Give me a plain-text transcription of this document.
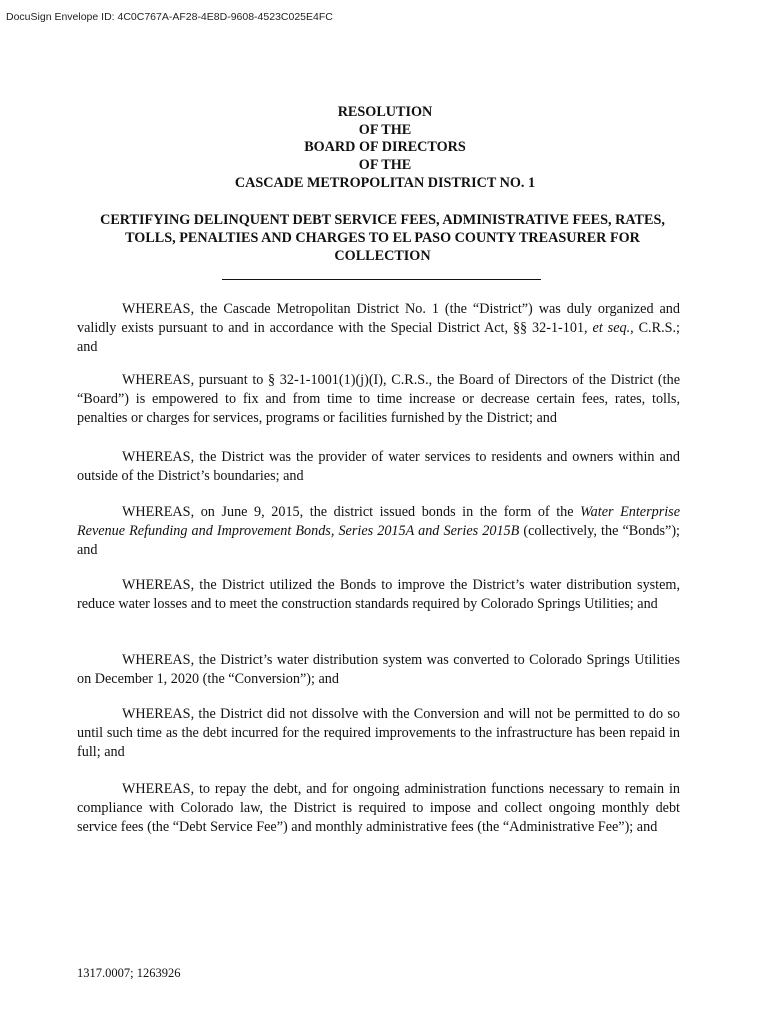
DocuSign Envelope ID: 4C0C767A-AF28-4E8D-9608-4523C025E4FC
RESOLUTION
OF THE
BOARD OF DIRECTORS
OF THE
CASCADE METROPOLITAN DISTRICT NO. 1
CERTIFYING DELINQUENT DEBT SERVICE FEES, ADMINISTRATIVE FEES, RATES,
TOLLS, PENALTIES AND CHARGES TO EL PASO COUNTY TREASURER FOR
COLLECTION

WHEREAS, the Cascade Metropolitan District No. 1 (the “District”) was duly organized and validly exists pursuant to and in accordance with the Special District Act, §§ 32-1-101, et seq., C.R.S.; and

WHEREAS, pursuant to § 32-1-1001(1)(j)(I), C.R.S., the Board of Directors of the District (the “Board”) is empowered to fix and from time to time increase or decrease certain fees, rates, tolls, penalties or charges for services, programs or facilities furnished by the District; and

WHEREAS, the District was the provider of water services to residents and owners within and outside of the District’s boundaries; and

WHEREAS, on June 9, 2015, the district issued bonds in the form of the Water Enterprise Revenue Refunding and Improvement Bonds, Series 2015A and Series 2015B (collectively, the “Bonds”); and

WHEREAS, the District utilized the Bonds to improve the District’s water distribution system, reduce water losses and to meet the construction standards required by Colorado Springs Utilities; and

WHEREAS, the District’s water distribution system was converted to Colorado Springs Utilities on December 1, 2020 (the “Conversion”); and

WHEREAS, the District did not dissolve with the Conversion and will not be permitted to do so until such time as the debt incurred for the required improvements to the infrastructure has been repaid in full; and

WHEREAS, to repay the debt, and for ongoing administration functions necessary to remain in compliance with Colorado law, the District is required to impose and collect ongoing monthly debt service fees (the “Debt Service Fee”) and monthly administrative fees (the “Administrative Fee”); and

1317.0007; 1263926
